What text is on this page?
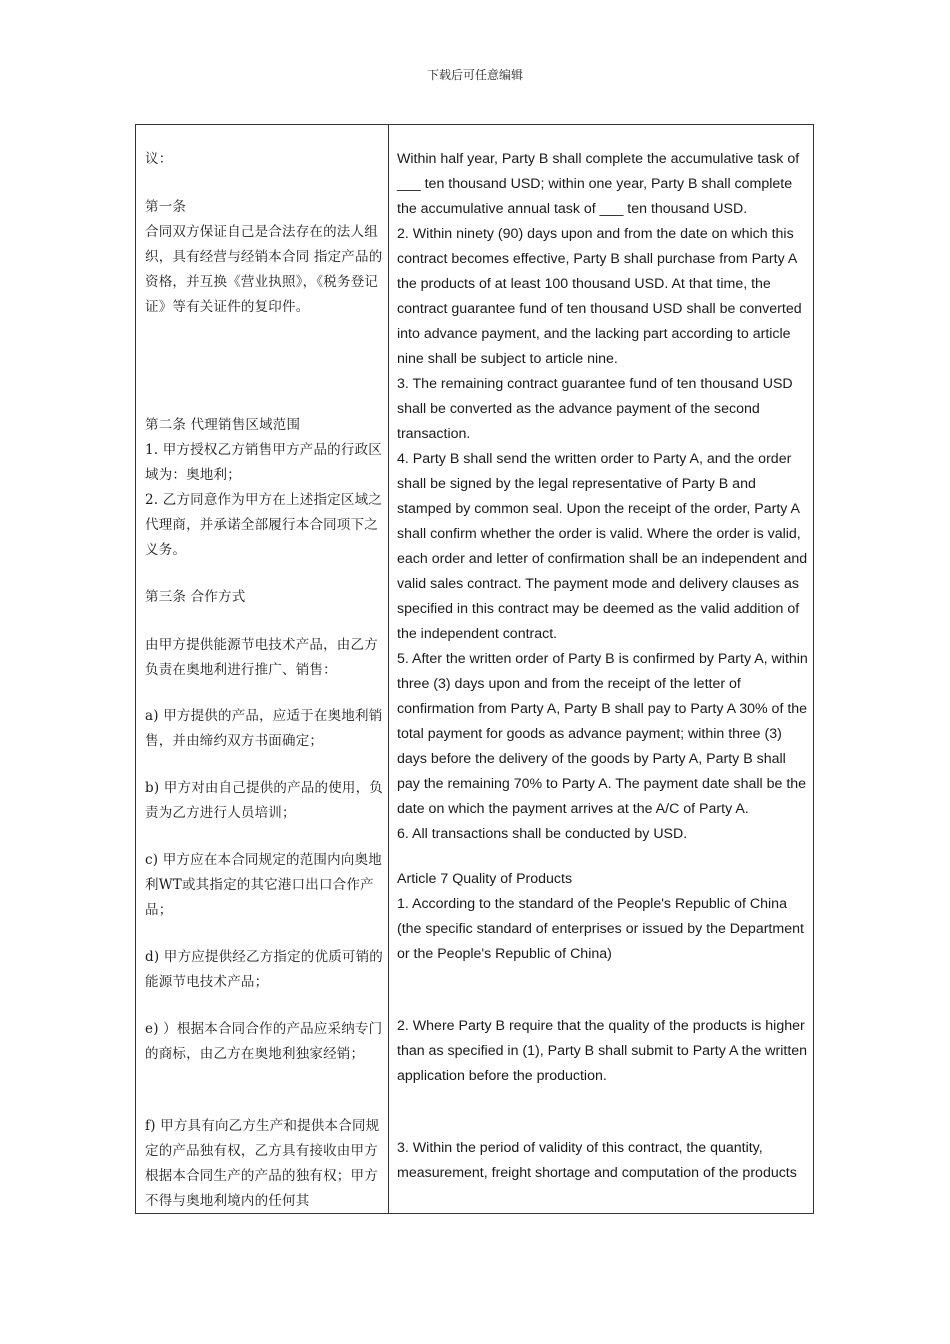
下载后可任意编辑

议：

第一条
合同双方保证自己是合法存在的法人组织，具有经营与经销本合同 指定产品的资格，并互换《营业执照》，《税务登记证》等有关证件的复印件。

第二条 代理销售区域范围
1. 甲方授权乙方销售甲方产品的行政区域为：奥地利；
2. 乙方同意作为甲方在上述指定区域之代理商，并承诺全部履行本合同项下之义务。

第三条 合作方式

由甲方提供能源节电技术产品，由乙方负责在奥地利进行推广、销售：

a) 甲方提供的产品，应适于在奥地利销售，并由缔约双方书面确定；

b) 甲方对由自己提供的产品的使用，负责为乙方进行人员培训；

c) 甲方应在本合同规定的范围内向奥地利WT或其指定的其它港口出口合作产品；

d) 甲方应提供经乙方指定的优质可销的能源节电技术产品；

e) ）根据本合同合作的产品应采纳专门的商标，由乙方在奥地利独家经销；

f) 甲方具有向乙方生产和提供本合同规定的产品独有权，乙方具有接收由甲方根据本合同生产的产品的独有权；甲方不得与奥地利境内的任何其

Within half year, Party B shall complete the accumulative task of ___ ten thousand USD; within one year, Party B shall complete the accumulative annual task of ___ ten thousand USD.
2. Within ninety (90) days upon and from the date on which this contract becomes effective, Party B shall purchase from Party A the products of at least 100 thousand USD. At that time, the contract guarantee fund of ten thousand USD shall be converted into advance payment, and the lacking part according to article nine shall be subject to article nine.
3. The remaining contract guarantee fund of ten thousand USD shall be converted as the advance payment of the second transaction.
4. Party B shall send the written order to Party A, and the order shall be signed by the legal representative of Party B and stamped by common seal. Upon the receipt of the order, Party A shall confirm whether the order is valid. Where the order is valid, each order and letter of confirmation shall be an independent and valid sales contract. The payment mode and delivery clauses as specified in this contract may be deemed as the valid addition of the independent contract.
5. After the written order of Party B is confirmed by Party A, within three (3) days upon and from the receipt of the letter of confirmation from Party A, Party B shall pay to Party A 30% of the total payment for goods as advance payment; within three (3) days before the delivery of the goods by Party A, Party B shall pay the remaining 70% to Party A. The payment date shall be the date on which the payment arrives at the A/C of Party A.
6. All transactions shall be conducted by USD.

Article 7 Quality of Products
1. According to the standard of the People's Republic of China (the specific standard of enterprises or issued by the Department or the People's Republic of China)

2. Where Party B require that the quality of the products is higher than as specified in (1), Party B shall submit to Party A the written application before the production.

3. Within the period of validity of this contract, the quantity, measurement, freight shortage and computation of the products
